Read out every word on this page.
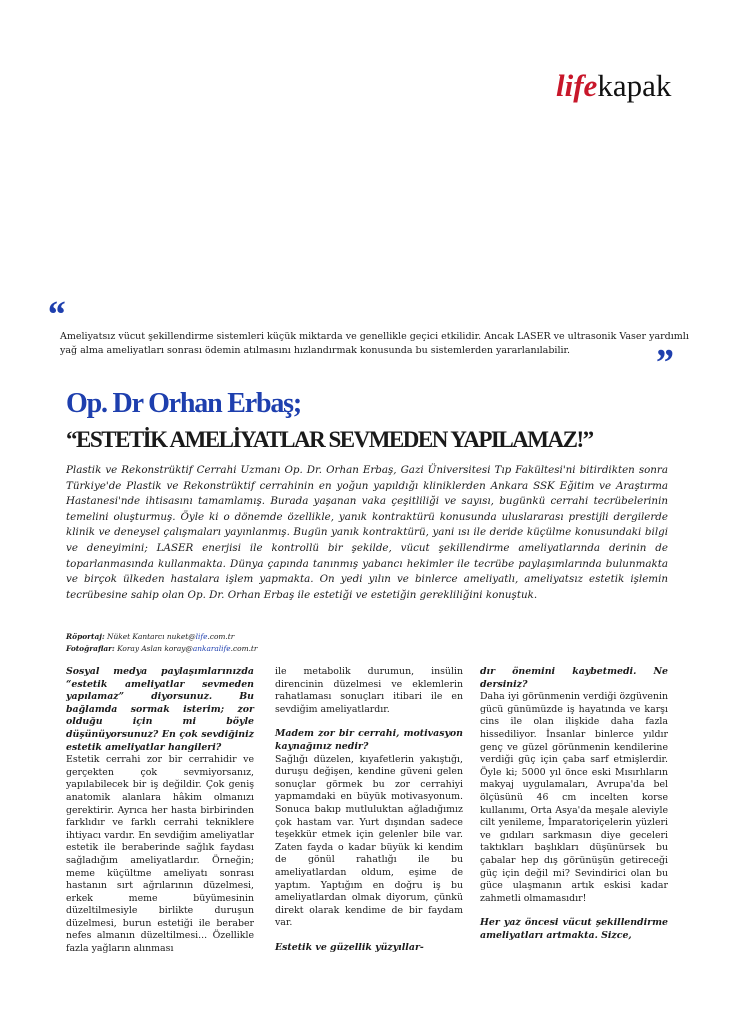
lifekapak
“

Ameliyatsız vücut şekillendirme sistemleri küçük miktarda ve genellikle geçici etkilidir. Ancak LASER ve ultrasonik Vaser yardımlı yağ alma ameliyatları sonrası ödemin atılmasını hızlandırmak konusunda bu sistemlerden yararlanılabilir.	”
Op. Dr Orhan Erbaş;
“ESTETİK AMELİYATLAR SEVMEDEN YAPILAMAZ!”

Plastik ve Rekonstrüktif Cerrahi Uzmanı Op. Dr. Orhan Erbaş, Gazi Üniversitesi Tıp Fakültesi'ni bitirdikten sonra Türkiye'de Plastik ve Rekonstrüktif cerrahinin en yoğun yapıldığı kliniklerden Ankara SSK Eğitim ve Araştırma Hastanesi'nde ihtisasını tamamlamış. Burada yaşanan vaka çeşitliliği ve sayısı, bugünkü cerrahi tecrübelerinin temelini oluşturmuş. Öyle ki o dönemde özellikle, yanık kontraktürü konusunda uluslararası prestijli dergilerde klinik ve deneysel çalışmaları yayınlanmış. Bugün yanık kontraktürü, yani ısı ile deride küçülme konusundaki bilgi ve deneyimini; LASER enerjisi ile kontrollü bir şekilde, vücut şekillendirme ameliyatlarında derinin de toparlanmasında kullanmakta. Dünya çapında tanınmış yabancı hekimler ile tecrübe paylaşımlarında bulunmakta ve birçok ülkeden hastalara işlem yapmakta. On yedi yılın ve binlerce ameliyatlı, ameliyatsız estetik işlemin tecrübesine sahip olan Op. Dr. Orhan Erbaş ile estetiği ve estetiğin gerekliliğini konuştuk.

Röportaj: Nüket Kantarcı nuket@life.com.tr
Fotoğraflar: Koray Aslan koray@ankaralife.com.tr

Sosyal medya paylaşımlarınızda “estetik ameliyatlar sevmeden yapılamaz” diyorsunuz. Bu bağlamda sormak isterim; zor olduğu için mi böyle düşünüyorsunuz? En çok sevdiğiniz estetik ameliyatlar hangileri?

Estetik cerrahi zor bir cerrahidir ve gerçekten çok sevmiyorsanız, yapılabilecek bir iş değildir. Çok geniş anatomik alanlara hâkim olmanızı gerektirir. Ayrıca her hasta birbirinden farklıdır ve farklı cerrahi tekniklere ihtiyacı vardır. En sevdiğim ameliyatlar estetik ile beraberinde sağlık faydası sağladığım ameliyatlardır. Örneğin; meme küçültme ameliyatı sonrası hastanın sırt ağrılarının düzelmesi, erkek meme büyümesinin düzeltilmesiyle birlikte duruşun düzelmesi, burun estetiği ile beraber nefes almanın düzeltilmesi... Özellikle fazla yağların alınması

ile metabolik durumun, insülin direncinin düzelmesi ve eklemlerin rahatlaması sonuçları itibari ile en sevdiğim ameliyatlardır.

Madem zor bir cerrahi, motivasyon kaynağınız nedir?

Sağlığı düzelen, kıyafetlerin yakıştığı, duruşu değişen, kendine güveni gelen sonuçlar görmek bu zor cerrahiyi yapmamdaki en büyük motivasyonum. Sonuca bakıp mutluluktan ağladığımız çok hastam var. Yurt dışından sadece teşekkür etmek için gelenler bile var. Zaten fayda o kadar büyük ki kendim de gönül rahatlığı ile bu ameliyatlardan oldum, eşime de yaptım. Yaptığım en doğru iş bu ameliyatlardan olmak diyorum, çünkü direkt olarak kendime de bir faydam var.

Estetik ve güzellik yüzyıllar-

dır önemini kaybetmedi. Ne dersiniz?

Daha iyi görünmenin verdiği özgüvenin gücü günümüzde iş hayatında ve karşı cins ile olan ilişkide daha fazla hissediliyor. İnsanlar binlerce yıldır genç ve güzel görünmenin kendilerine verdiği güç için çaba sarf etmişlerdir. Öyle ki; 5000 yıl önce eski Mısırlıların makyaj uygulamaları, Avrupa'da bel ölçüsünü 46 cm incelten korse kullanımı, Orta Asya'da meşale aleviyle cilt yenileme, İmparatoriçelerin yüzleri ve gıdıları sarkmasın diye geceleri taktıkları başlıkları düşünürsek bu çabalar hep dış görünüşün getireceği güç için değil mi? Sevindirici olan bu güce ulaşmanın artık eskisi kadar zahmetli olmamasıdır!

Her yaz öncesi vücut şekillendirme ameliyatları artmakta. Sizce,
